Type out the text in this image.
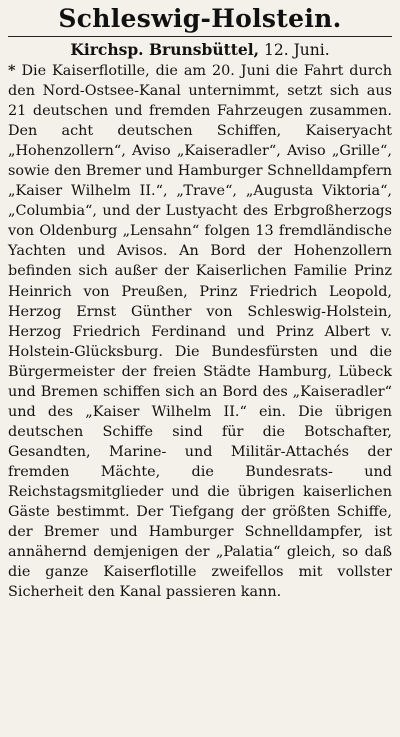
Schleswig-Holstein.

Kirchsp. Brunsbüttel, 12. Juni.

* Die Kaiserflotille, die am 20. Juni die Fahrt durch den Nord-Ostsee-Kanal unternimmt, setzt sich aus 21 deutschen und fremden Fahrzeugen zusammen. Den acht deutschen Schiffen, Kaiseryacht „Hohenzollern“, Aviso „Kaiseradler“, Aviso „Grille“, sowie den Bremer und Hamburger Schnelldampfern „Kaiser Wilhelm II.“, „Trave“, „Augusta Viktoria“, „Columbia“, und der Lustyacht des Erbgroßherzogs von Oldenburg „Lensahn“ folgen 13 fremdländische Yachten und Avisos. An Bord der Hohenzollern befinden sich außer der Kaiserlichen Familie Prinz Heinrich von Preußen, Prinz Friedrich Leopold, Herzog Ernst Günther von Schleswig-Holstein, Herzog Friedrich Ferdinand und Prinz Albert v. Holstein-Glücksburg. Die Bundesfürsten und die Bürgermeister der freien Städte Hamburg, Lübeck und Bremen schiffen sich an Bord des „Kaiseradler“ und des „Kaiser Wilhelm II.“ ein. Die übrigen deutschen Schiffe sind für die Botschafter, Gesandten, Marine- und Militär-Attachés der fremden Mächte, die Bundesrats- und Reichstagsmitglieder und die übrigen kaiserlichen Gäste bestimmt. Der Tiefgang der größten Schiffe, der Bremer und Hamburger Schnelldampfer, ist annähernd demjenigen der „Palatia“ gleich, so daß die ganze Kaiserflotille zweifellos mit vollster Sicherheit den Kanal passieren kann.
